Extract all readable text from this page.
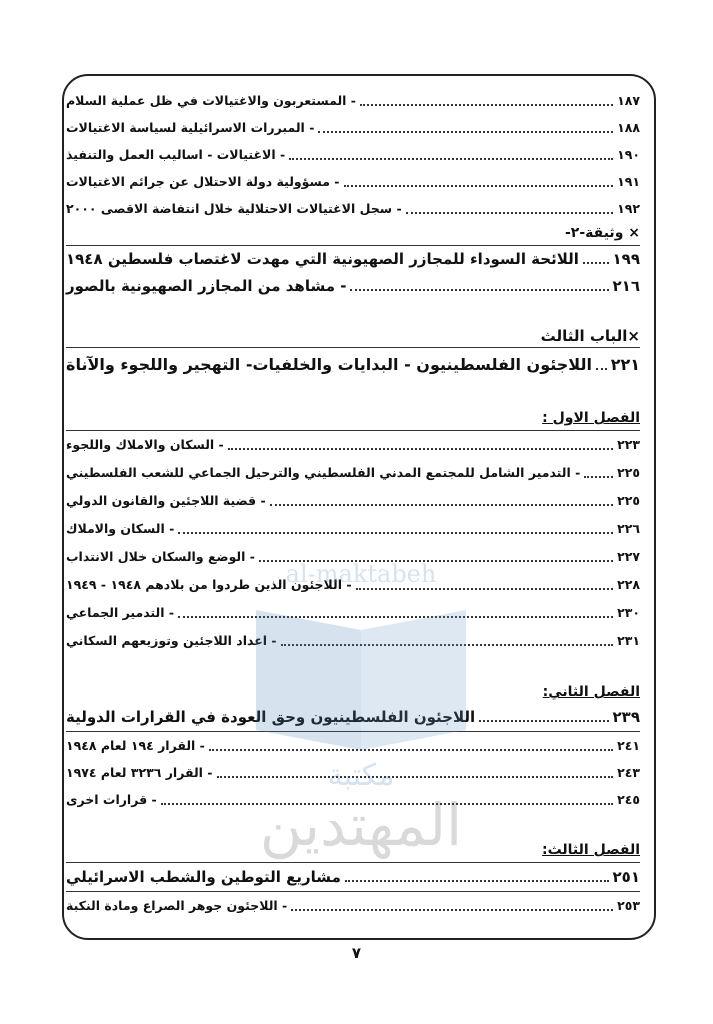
- المستعربون والاغتيالات في ظل عملية السلام	١٨٧
- المبررات الاسرائيلية لسياسة الاغتيالات	١٨٨
- الاغتيالات - اساليب العمل والتنفيذ	١٩٠
- مسؤولية دولة الاحتلال عن جرائم الاغتيالات	١٩١
- سجل الاغتيالات الاحتلالية خلال انتفاضة الاقصى ٢٠٠٠	١٩٢
× وثيقة-٢-
اللائحة السوداء للمجازر الصهيونية التي مهدت لاغتصاب فلسطين ١٩٤٨ ١٩٩
- مشاهد من المجازر الصهيونية بالصور	٢١٦
×الباب الثالث
اللاجئون الفلسطينيون - البدايات والخلفيات- التهجير واللجوء والآناة ٢٢١
الفصل الاول :
- السكان والاملاك واللجوء	٢٢٣
- التدمير الشامل للمجتمع المدني الفلسطيني والترحيل الجماعي للشعب الفلسطيني	٢٢٥
- قضية اللاجئين والقانون الدولي	٢٢٥
- السكان والاملاك	٢٢٦
- الوضع والسكان خلال الانتداب	٢٢٧
- اللاجئون الذين طردوا من بلادهم ١٩٤٨ - ١٩٤٩	٢٢٨
- التدمير الجماعي	٢٣٠
- اعداد اللاجئين وتوزيعهم السكاني	٢٣١
الفصل الثاني:
اللاجئون الفلسطينيون وحق العودة في القرارات الدولية	٢٣٩
- القرار ١٩٤ لعام ١٩٤٨	٢٤١
- القرار ٣٢٣٦ لعام ١٩٧٤	٢٤٣
- قرارات اخرى	٢٤٥
الفصل الثالث:
مشاريع التوطين والشطب الاسرائيلي	٢٥١
- اللاجئون جوهر الصراع ومادة النكبة	٢٥٣
al-maktabeh
مكتبة
المهتدين
٧
